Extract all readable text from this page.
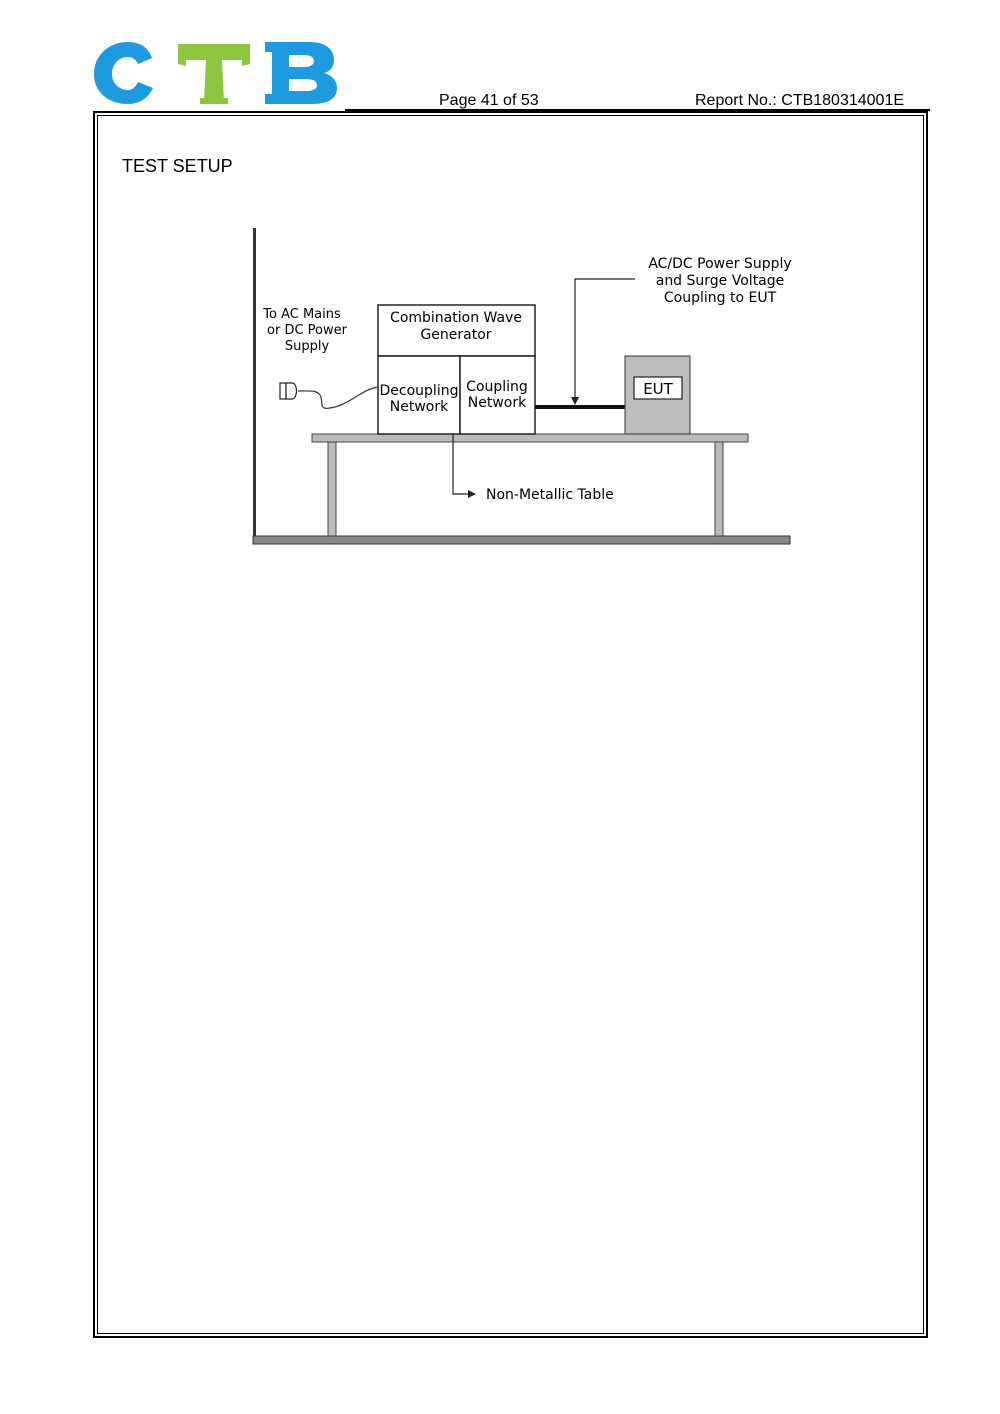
Page 41 of 53	Report No.: CTB180314001E
TEST SETUP
Combination Wave
Generator
Decoupling
Network
Coupling
Network
EUT
AC/DC Power Supply
and Surge Voltage
Coupling to EUT
To AC Mains
or DC Power
Supply
Non-Metallic Table
